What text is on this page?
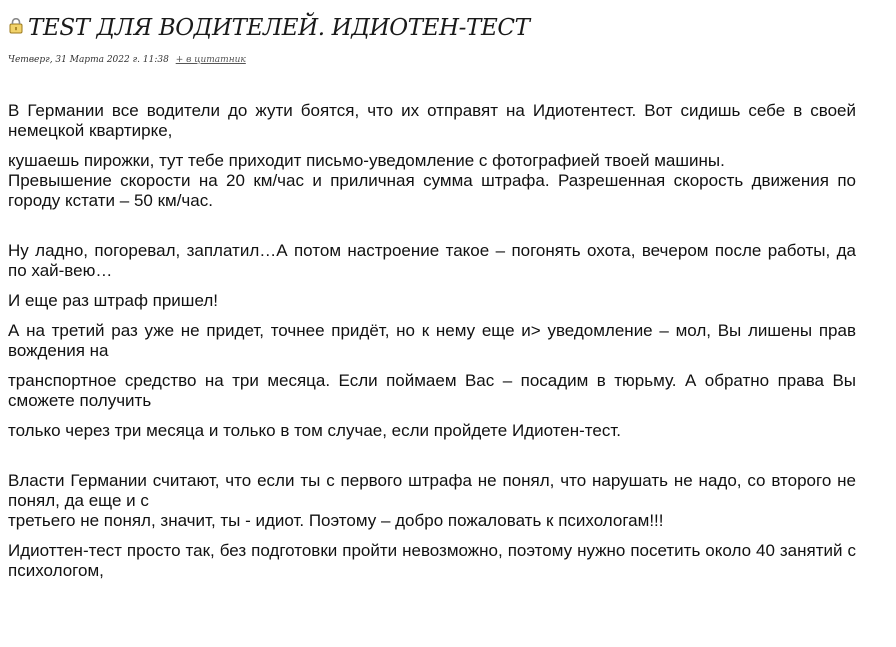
TEST ДЛЯ ВОДИТЕЛЕЙ. ИДИОТЕН-ТЕСТ
Четверг, 31 Марта 2022 г. 11:38 + в цитатник

В Германии все водители до жути боятся, что их отправят на Идиотентест. Вот сидишь себе в своей немецкой квартирке,

кушаешь пирожки, тут тебе приходит письмо-уведомление с фотографией твоей машины.

Превышение скорости на 20 км/час и приличная сумма штрафа. Разрешенная скорость движения по городу кстати – 50 км/час.

Ну ладно, погоревал, заплатил…А потом настроение такое – погонять охота, вечером после работы, да по хай-вею…

И еще раз штраф пришел!

А на третий раз уже не придет, точнее придёт, но к нему еще и> уведомление – мол, Вы лишены прав вождения на

транспортное средство на три месяца. Если поймаем Вас – посадим в тюрьму. А обратно права Вы сможете получить

только через три месяца и только в том случае, если пройдете Идиотен-тест.

Власти Германии считают, что если ты с первого штрафа не понял, что нарушать не надо, со второго не понял, да еще и с

третьего не понял, значит, ты - идиот. Поэтому – добро пожаловать к психологам!!!

Идиоттен-тест просто так, без подготовки пройти невозможно, поэтому нужно посетить около 40 занятий с психологом,
